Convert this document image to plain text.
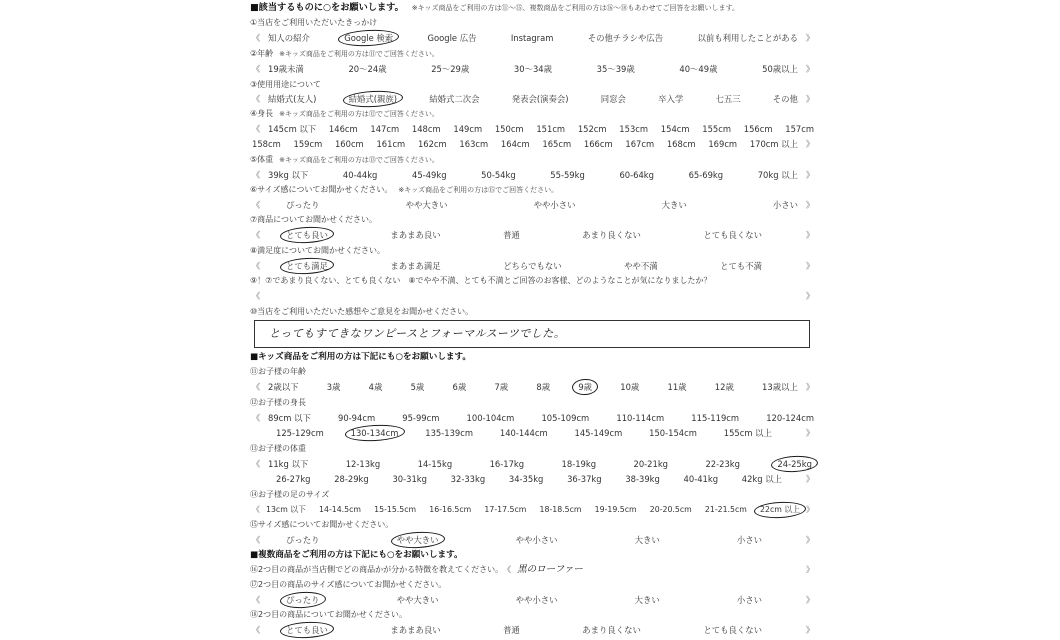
■該当するものに○をお願いします。 ※キッズ商品をご利用の方は⑪〜⑮、複数商品をご利用の方は⑯〜⑱もあわせてご回答をお願いします。
①当店をご利用いただいたきっかけ
《 知人の紹介	Google 検索	Google 広告	Instagram	その他チラシや広告	以前も利用したことがある 》
②年齢 ※キッズ商品をご利用の方は⑪でご回答ください。
《 19歳未満	20〜24歳	25〜29歳	30〜34歳	35〜39歳	40〜49歳	50歳以上 》
③使用用途について
《 結婚式(友人)	結婚式(親族)	結婚式二次会	発表会(演奏会)	同窓会	卒入学	七五三	その他 》
④身長 ※キッズ商品をご利用の方は⑫でご回答ください。
《 145cm 以下 146cm 147cm 148cm 149cm 150cm 151cm 152cm 153cm 154cm 155cm 156cm 157cm
158cm 159cm 160cm 161cm 162cm 163cm 164cm 165cm 166cm 167cm 168cm 169cm 170cm 以上 》
⑤体重 ※キッズ商品をご利用の方は⑬でご回答ください。
《 39kg 以下	40-44kg	45-49kg	50-54kg	55-59kg	60-64kg	65-69kg	70kg 以上 》
⑥サイズ感についてお聞かせください。 ※キッズ商品をご利用の方は⑮でご回答ください。
《	ぴったり	やや大きい	やや小さい	大きい	小さい 》
⑦商品についてお聞かせください。
《	とても良い	まあまあ良い	普通	あまり良くない	とても良くない	》
⑧満足度についてお聞かせください。
《	とても満足	まあまあ満足	どちらでもない	やや不満	とても不満	》
⑨！⑦であまり良くない、とても良くない　⑧でやや不満、とても不満とご回答のお客様、どのようなことが気になりましたか？
《	》
⑩当店をご利用いただいた感想やご意見をお聞かせください。
とってもすてきなワンピースとフォーマルスーツでした。
■キッズ商品をご利用の方は下記にも○をお願いします。
⑪お子様の年齢
《 2歳以下	3歳	4歳	5歳	6歳	7歳	8歳	9歳	10歳	11歳	12歳	13歳以上 》
⑫お子様の身長
《 89cm 以下	90-94cm	95-99cm	100-104cm	105-109cm	110-114cm	115-119cm	120-124cm
125-129cm	130-134cm	135-139cm	140-144cm	145-149cm	150-154cm	155cm 以上	》
⑬お子様の体重
《 11kg 以下	12-13kg	14-15kg	16-17kg	18-19kg	20-21kg	22-23kg	24-25kg
26-27kg	28-29kg	30-31kg	32-33kg	34-35kg	36-37kg	38-39kg	40-41kg	42kg 以上	》
⑭お子様の足のサイズ
《 13cm 以下 14-14.5cm 15-15.5cm 16-16.5cm 17-17.5cm 18-18.5cm 19-19.5cm 20-20.5cm 21-21.5cm 22cm 以上 》
⑮サイズ感についてお聞かせください。
《	ぴったり	やや大きい	やや小さい	大きい	小さい	》
■複数商品をご利用の方は下記にも○をお願いします。
⑯2つ目の商品が当店側でどの商品かが分かる特徴を教えてください。 《 黒のローファー	》
⑰2つ目の商品のサイズ感についてお聞かせください。
《	ぴったり	やや大きい	やや小さい	大きい	小さい	》
⑱2つ目の商品についてお聞かせください。
《	とても良い	まあまあ良い	普通	あまり良くない	とても良くない	》
